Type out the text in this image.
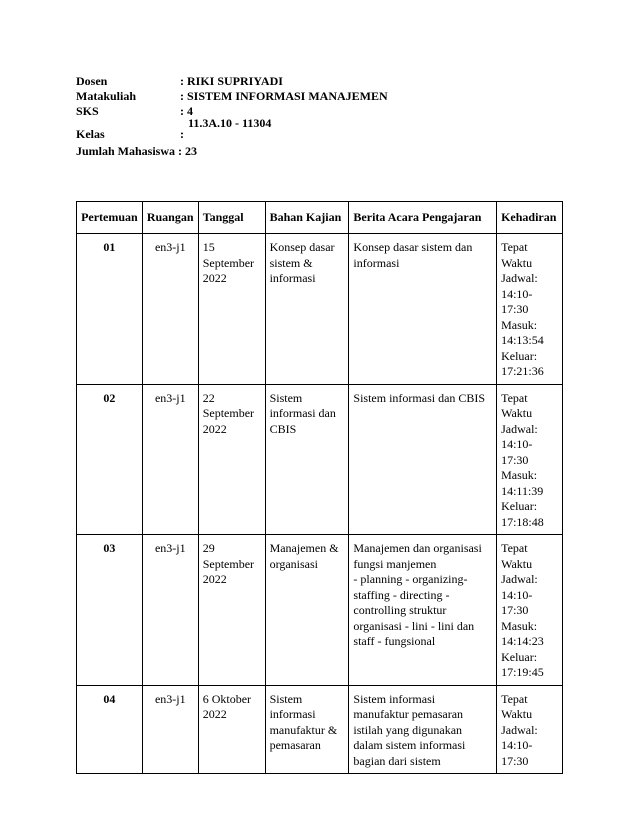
Dosen	: RIKI SUPRIYADI
Matakuliah	: SISTEM INFORMASI MANAJEMEN
SKS	: 4
Kelas	:
11.3A.10 - 11304
Jumlah Mahasiswa : 23
Pertemuan	Ruangan	Tanggal	Bahan Kajian	Berita Acara Pengajaran	Kehadiran
01	en3-j1	15 September 2022	Konsep dasar sistem & informasi	Konsep dasar sistem dan informasi	Tepat Waktu
Jadwal: 14:10-17:30
Masuk: 14:13:54
Keluar: 17:21:36

02	en3-j1	22 September 2022	Sistem informasi dan CBIS	Sistem informasi dan CBIS	Tepat Waktu
Jadwal: 14:10-17:30
Masuk: 14:11:39
Keluar: 17:18:48

03	en3-j1	29 September 2022	Manajemen & organisasi	Manajemen dan organisasi fungsi manjemen
- planning - organizing- staffing - directing - controlling struktur organisasi - lini - lini dan staff - fungsional	Tepat Waktu
Jadwal: 14:10-17:30
Masuk: 14:14:23
Keluar: 17:19:45

04	en3-j1	6 Oktober 2022	Sistem informasi manufaktur & pemasaran	Sistem informasi manufaktur pemasaran istilah yang digunakan dalam sistem informasi bagian dari sistem	Tepat Waktu
Jadwal: 14:10-17:30
